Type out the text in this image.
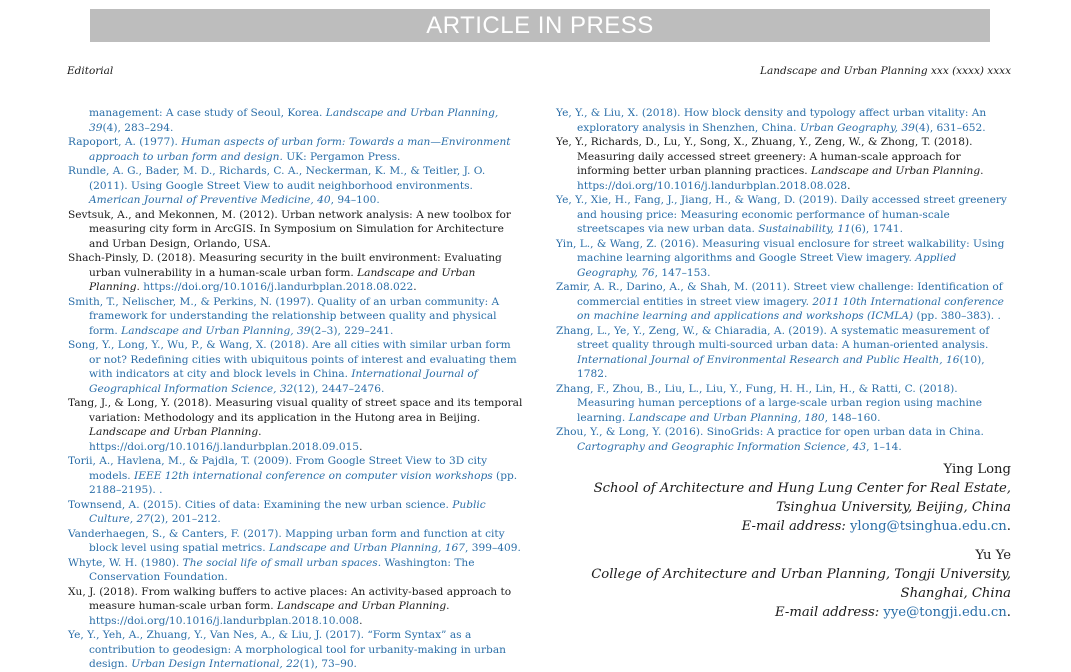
ARTICLE IN PRESS
Editorial	Landscape and Urban Planning xxx (xxxx) xxxx

management: A case study of Seoul, Korea. Landscape and Urban Planning, 39(4), 283–294.

Rapoport, A. (1977). Human aspects of urban form: Towards a man—Environment approach to urban form and design. UK: Pergamon Press.

Rundle, A. G., Bader, M. D., Richards, C. A., Neckerman, K. M., & Teitler, J. O. (2011). Using Google Street View to audit neighborhood environments. American Journal of Preventive Medicine, 40, 94–100.

Sevtsuk, A., and Mekonnen, M. (2012). Urban network analysis: A new toolbox for measuring city form in ArcGIS. In Symposium on Simulation for Architecture and Urban Design, Orlando, USA.

Shach-Pinsly, D. (2018). Measuring security in the built environment: Evaluating urban vulnerability in a human-scale urban form. Landscape and Urban Planning. https://doi.org/10.1016/j.landurbplan.2018.08.022.

Smith, T., Nelischer, M., & Perkins, N. (1997). Quality of an urban community: A framework for understanding the relationship between quality and physical form. Landscape and Urban Planning, 39(2–3), 229–241.

Song, Y., Long, Y., Wu, P., & Wang, X. (2018). Are all cities with similar urban form or not? Redefining cities with ubiquitous points of interest and evaluating them with indicators at city and block levels in China. International Journal of Geographical Information Science, 32(12), 2447–2476.

Tang, J., & Long, Y. (2018). Measuring visual quality of street space and its temporal variation: Methodology and its application in the Hutong area in Beijing. Landscape and Urban Planning. https://doi.org/10.1016/j.landurbplan.2018.09.015.

Torii, A., Havlena, M., & Pajdla, T. (2009). From Google Street View to 3D city models. IEEE 12th international conference on computer vision workshops (pp. 2188–2195). .

Townsend, A. (2015). Cities of data: Examining the new urban science. Public Culture, 27(2), 201–212.

Vanderhaegen, S., & Canters, F. (2017). Mapping urban form and function at city block level using spatial metrics. Landscape and Urban Planning, 167, 399–409.

Whyte, W. H. (1980). The social life of small urban spaces. Washington: The Conservation Foundation.

Xu, J. (2018). From walking buffers to active places: An activity-based approach to measure human-scale urban form. Landscape and Urban Planning. https://doi.org/10.1016/j.landurbplan.2018.10.008.

Ye, Y., Yeh, A., Zhuang, Y., Van Nes, A., & Liu, J. (2017). “Form Syntax” as a contribution to geodesign: A morphological tool for urbanity-making in urban design. Urban Design International, 22(1), 73–90.

Ye, Y., & Liu, X. (2018). How block density and typology affect urban vitality: An exploratory analysis in Shenzhen, China. Urban Geography, 39(4), 631–652.

Ye, Y., Richards, D., Lu, Y., Song, X., Zhuang, Y., Zeng, W., & Zhong, T. (2018). Measuring daily accessed street greenery: A human-scale approach for informing better urban planning practices. Landscape and Urban Planning. https://doi.org/10.1016/j.landurbplan.2018.08.028.

Ye, Y., Xie, H., Fang, J., Jiang, H., & Wang, D. (2019). Daily accessed street greenery and housing price: Measuring economic performance of human-scale streetscapes via new urban data. Sustainability, 11(6), 1741.

Yin, L., & Wang, Z. (2016). Measuring visual enclosure for street walkability: Using machine learning algorithms and Google Street View imagery. Applied Geography, 76, 147–153.

Zamir, A. R., Darino, A., & Shah, M. (2011). Street view challenge: Identification of commercial entities in street view imagery. 2011 10th International conference on machine learning and applications and workshops (ICMLA) (pp. 380–383). .

Zhang, L., Ye, Y., Zeng, W., & Chiaradia, A. (2019). A systematic measurement of street quality through multi-sourced urban data: A human-oriented analysis. International Journal of Environmental Research and Public Health, 16(10), 1782.

Zhang, F., Zhou, B., Liu, L., Liu, Y., Fung, H. H., Lin, H., & Ratti, C. (2018). Measuring human perceptions of a large-scale urban region using machine learning. Landscape and Urban Planning, 180, 148–160.

Zhou, Y., & Long, Y. (2016). SinoGrids: A practice for open urban data in China. Cartography and Geographic Information Science, 43, 1–14.

Ying Long
School of Architecture and Hung Lung Center for Real Estate, Tsinghua University, Beijing, China
E-mail address: ylong@tsinghua.edu.cn.
Yu Ye
College of Architecture and Urban Planning, Tongji University, Shanghai, China
E-mail address: yye@tongji.edu.cn.
